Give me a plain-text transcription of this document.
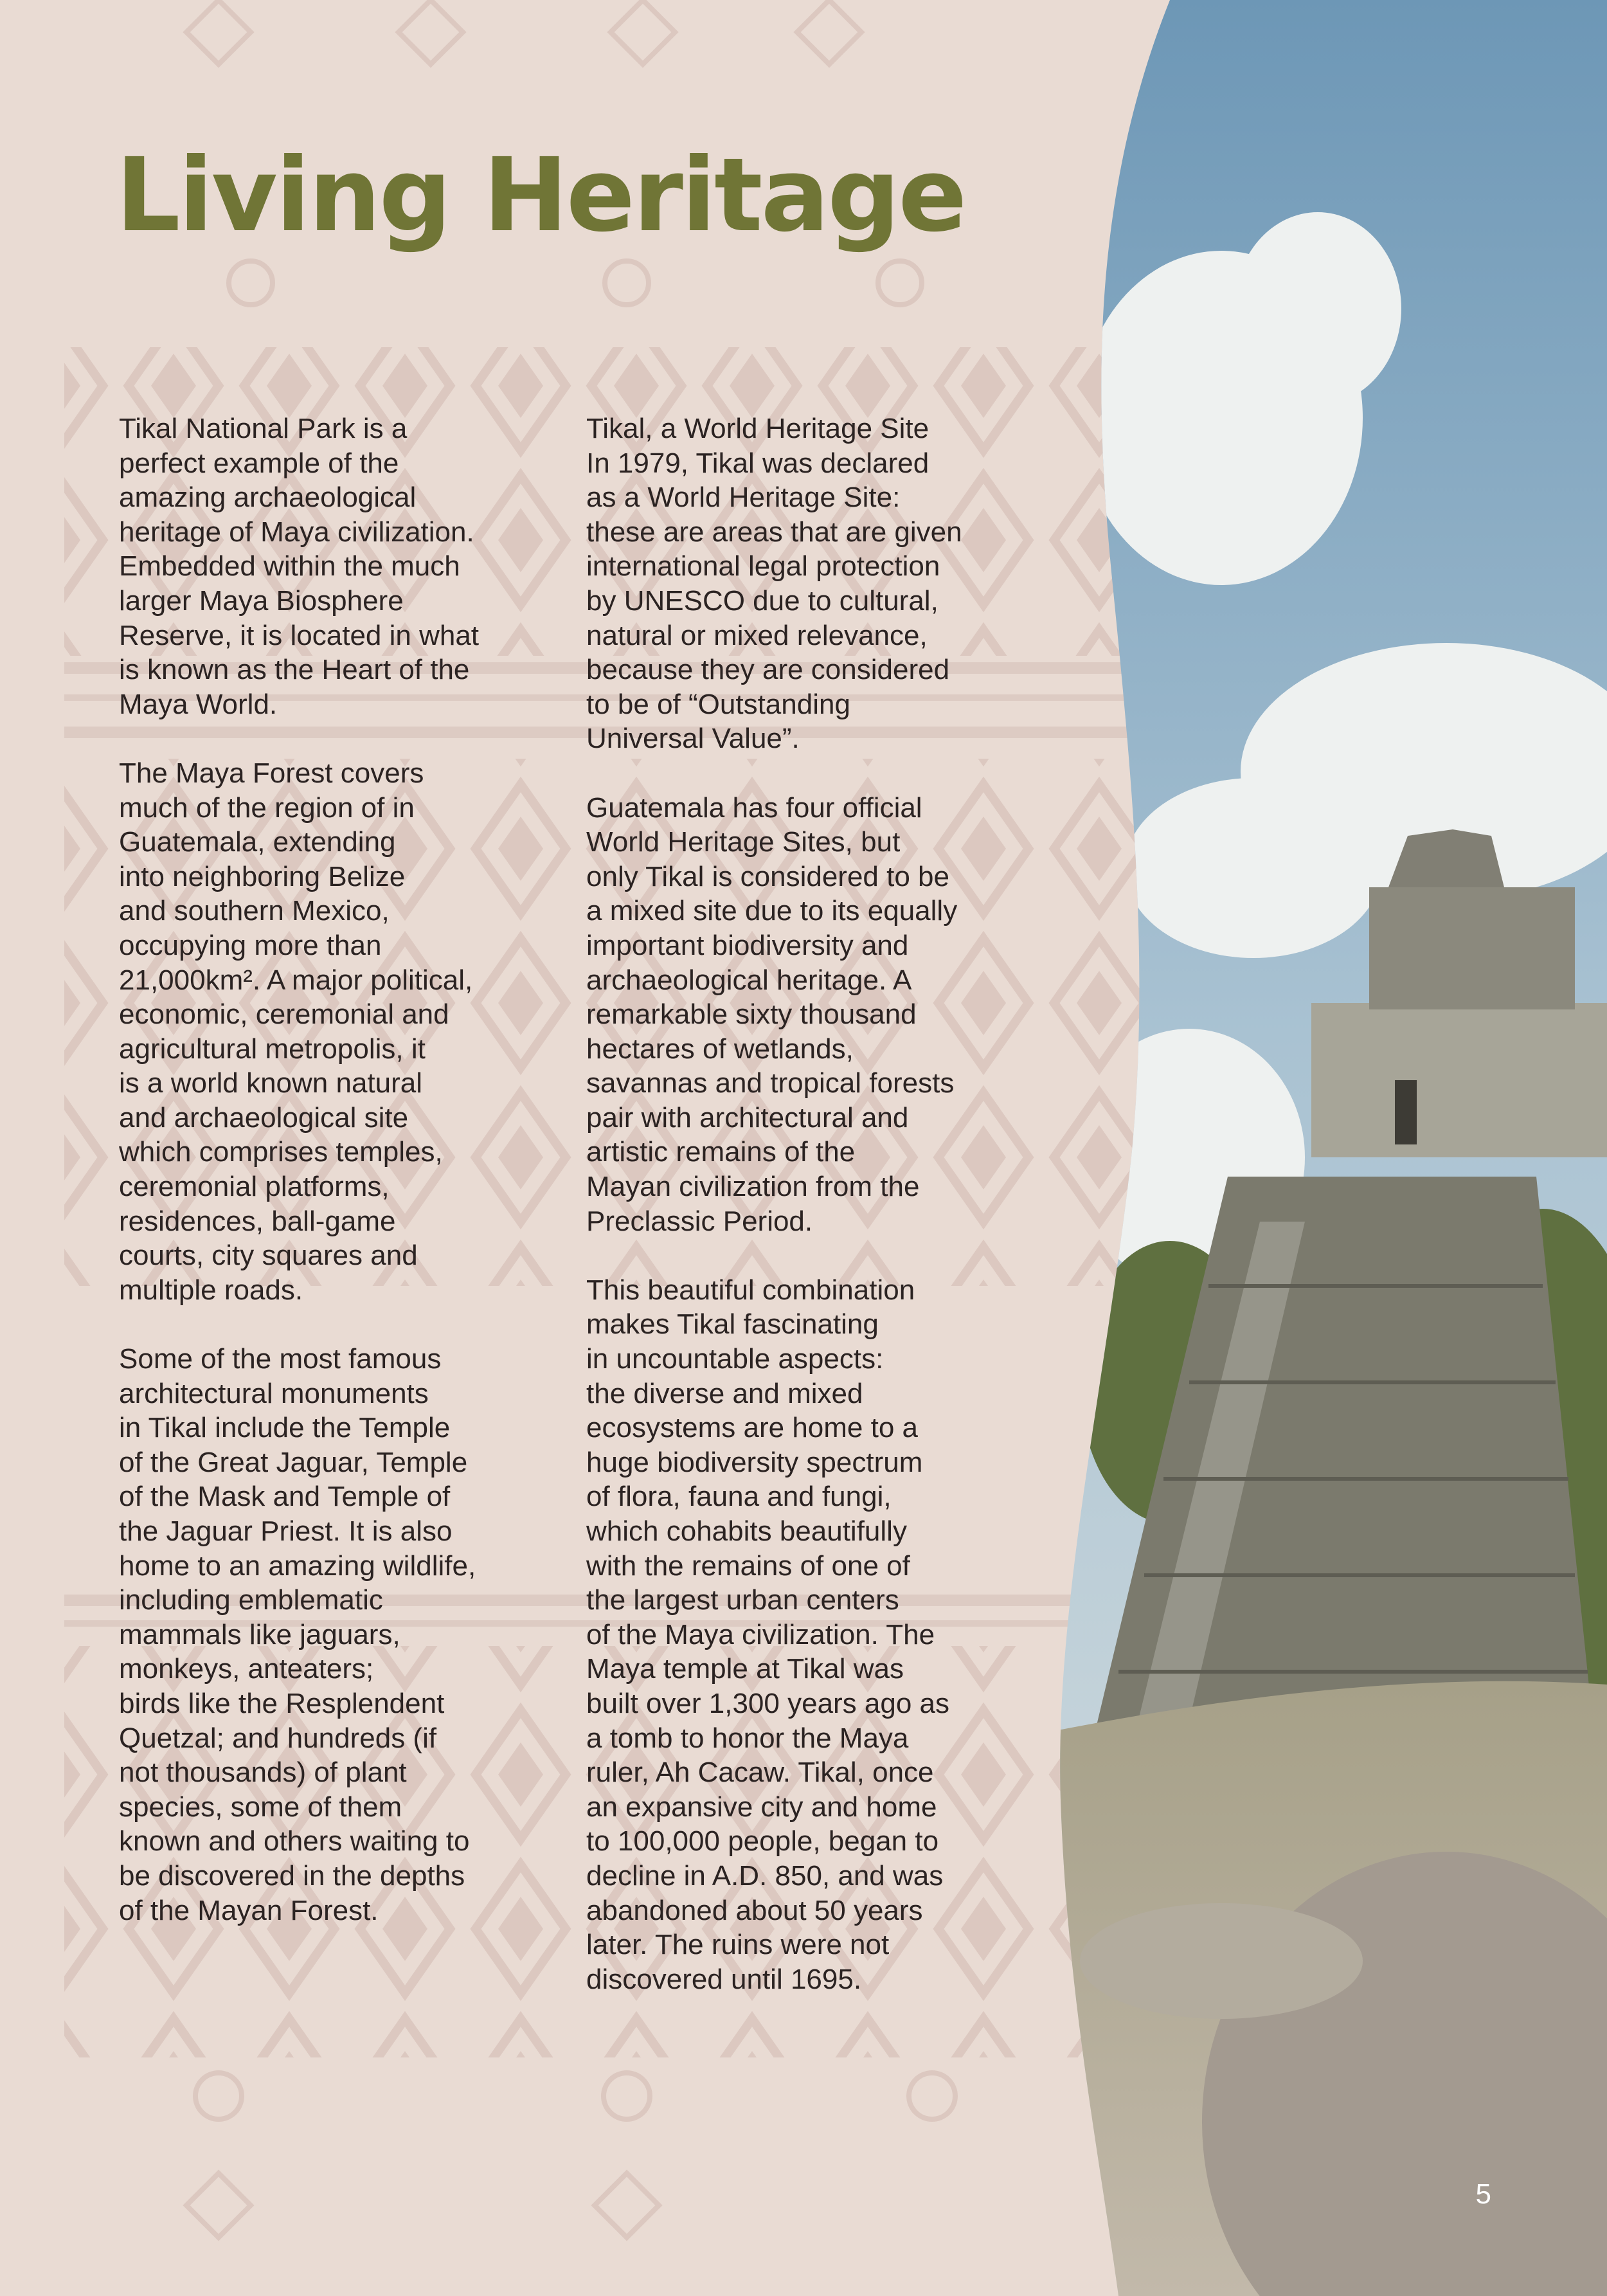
Living Heritage

Tikal National Park is a
perfect example of the
amazing archaeological
heritage of Maya civilization.
Embedded within the much
larger Maya Biosphere
Reserve, it is located in what
is known as the Heart of the
Maya World.

The Maya Forest covers
much of the region of in
Guatemala, extending
into neighboring Belize
and southern Mexico,
occupying more than
21,000km². A major political,
economic, ceremonial and
agricultural metropolis, it
is a world known natural
and archaeological site
which comprises temples,
ceremonial platforms,
residences, ball-game
courts, city squares and
multiple roads.

Some of the most famous
architectural monuments
in Tikal include the Temple
of the Great Jaguar, Temple
of the Mask and Temple of
the Jaguar Priest. It is also
home to an amazing wildlife,
including emblematic
mammals like jaguars,
monkeys, anteaters;
birds like the Resplendent
Quetzal; and hundreds (if
not thousands) of plant
species, some of them
known and others waiting to
be discovered in the depths
of the Mayan Forest.

Tikal, a World Heritage Site
In 1979, Tikal was declared
as a World Heritage Site:
these are areas that are given
international legal protection
by UNESCO due to cultural,
natural or mixed relevance,
because they are considered
to be of “Outstanding
Universal Value”.

Guatemala has four official
World Heritage Sites, but
only Tikal is considered to be
a mixed site due to its equally
important biodiversity and
archaeological heritage. A
remarkable sixty thousand
hectares of wetlands,
savannas and tropical forests
pair with architectural and
artistic remains of the
Mayan civilization from the
Preclassic Period.

This beautiful combination
makes Tikal fascinating
in uncountable aspects:
the diverse and mixed
ecosystems are home to a
huge biodiversity spectrum
of flora, fauna and fungi,
which cohabits beautifully
with the remains of one of
the largest urban centers
of the Maya civilization. The
Maya temple at Tikal was
built over 1,300 years ago as
a tomb to honor the Maya
ruler, Ah Cacaw. Tikal, once
an expansive city and home
to 100,000 people, began to
decline in A.D. 850, and was
abandoned about 50 years
later. The ruins were not
discovered until 1695.

5
